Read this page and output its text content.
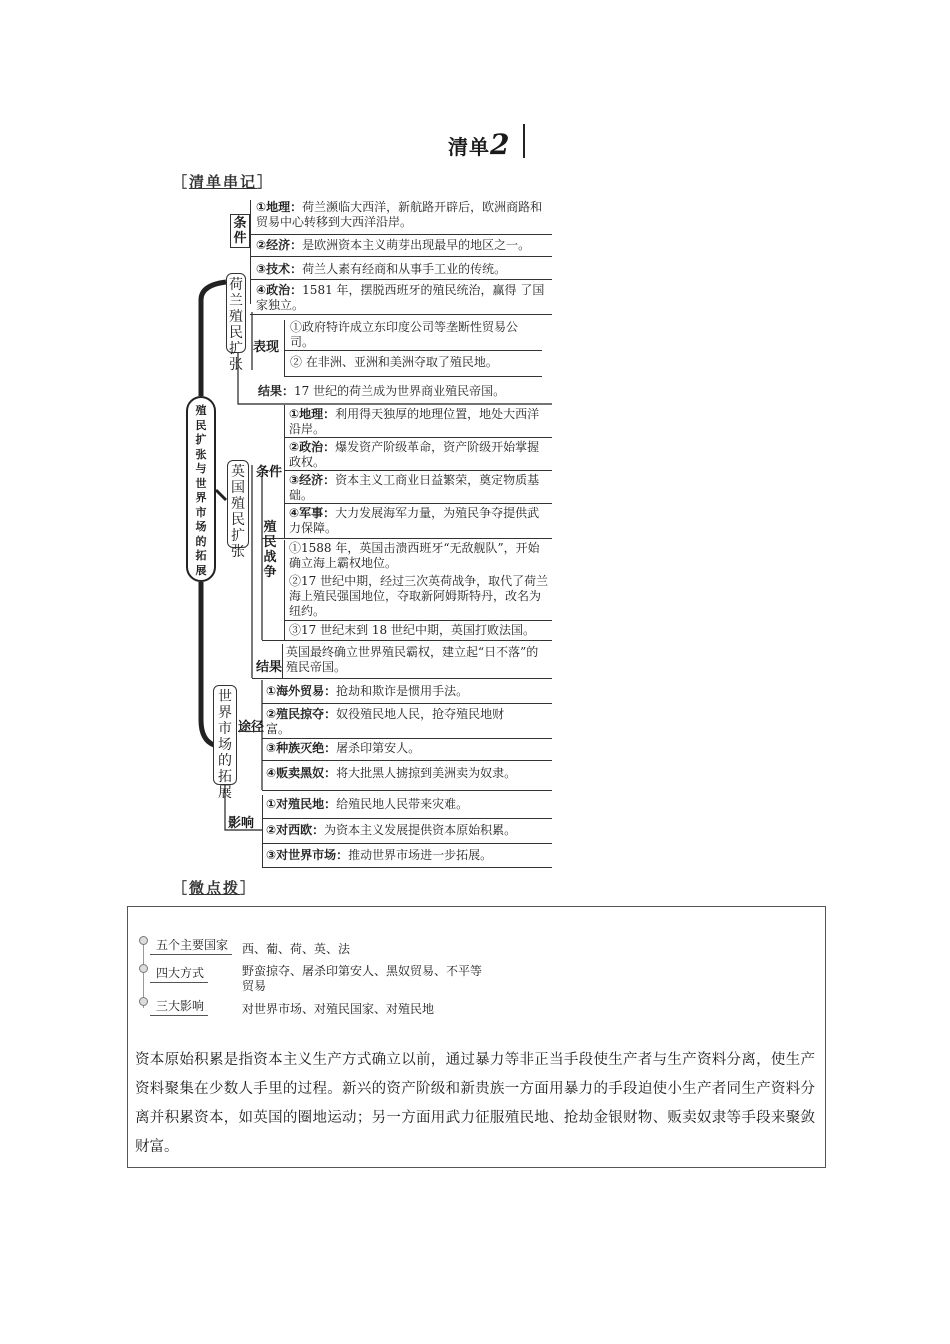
清单2
［清单串记］
殖民扩张与世界市场的拓展
荷兰殖民扩张
条件
①地理：荷兰濒临大西洋，新航路开辟后，欧洲商路和贸易中心转移到大西洋沿岸。
②经济：是欧洲资本主义萌芽出现最早的地区之一。
③技术：荷兰人素有经商和从事手工业的传统。
④政治：1581 年，摆脱西班牙的殖民统治，赢得 了国家独立。
表现
①政府特许成立东印度公司等垄断性贸易公司。
② 在非洲、亚洲和美洲夺取了殖民地。
结果：17 世纪的荷兰成为世界商业殖民帝国。
英国殖民扩张
条件
①地理：利用得天独厚的地理位置，地处大西洋沿岸。
②政治：爆发资产阶级革命，资产阶级开始掌握政权。
③经济：资本主义工商业日益繁荣，奠定物质基础。
④军事：大力发展海军力量，为殖民争夺提供武力保障。
殖民战争
①1588 年，英国击溃西班牙“无敌舰队”，开始确立海上霸权地位。
②17 世纪中期，经过三次英荷战争，取代了荷兰海上殖民强国地位，夺取新阿姆斯特丹，改名为纽约。
③17 世纪末到 18 世纪中期，英国打败法国。
结果
英国最终确立世界殖民霸权，建立起“日不落”的殖民帝国。
世界市场的拓展
途径
①海外贸易：抢劫和欺诈是惯用手法。
②殖民掠夺：奴役殖民地人民，抢夺殖民地财富。
③种族灭绝：屠杀印第安人。
④贩卖黑奴：将大批黑人掳掠到美洲卖为奴隶。
影响
①对殖民地：给殖民地人民带来灾难。
②对西欧：为资本主义发展提供资本原始积累。
③对世界市场：推动世界市场进一步拓展。
［微点拨］
五个主要国家	西、葡、荷、英、法
四大方式	野蛮掠夺、屠杀印第安人、黑奴贸易、不平等贸易
三大影响	对世界市场、对殖民国家、对殖民地
资本原始积累是指资本主义生产方式确立以前，通过暴力等非正当手段使生产者与生产资料分离，使生产资料聚集在少数人手里的过程。新兴的资产阶级和新贵族一方面用暴力的手段迫使小生产者同生产资料分离并积累资本，如英国的圈地运动；另一方面用武力征服殖民地、抢劫金银财物、贩卖奴隶等手段来聚敛财富。
